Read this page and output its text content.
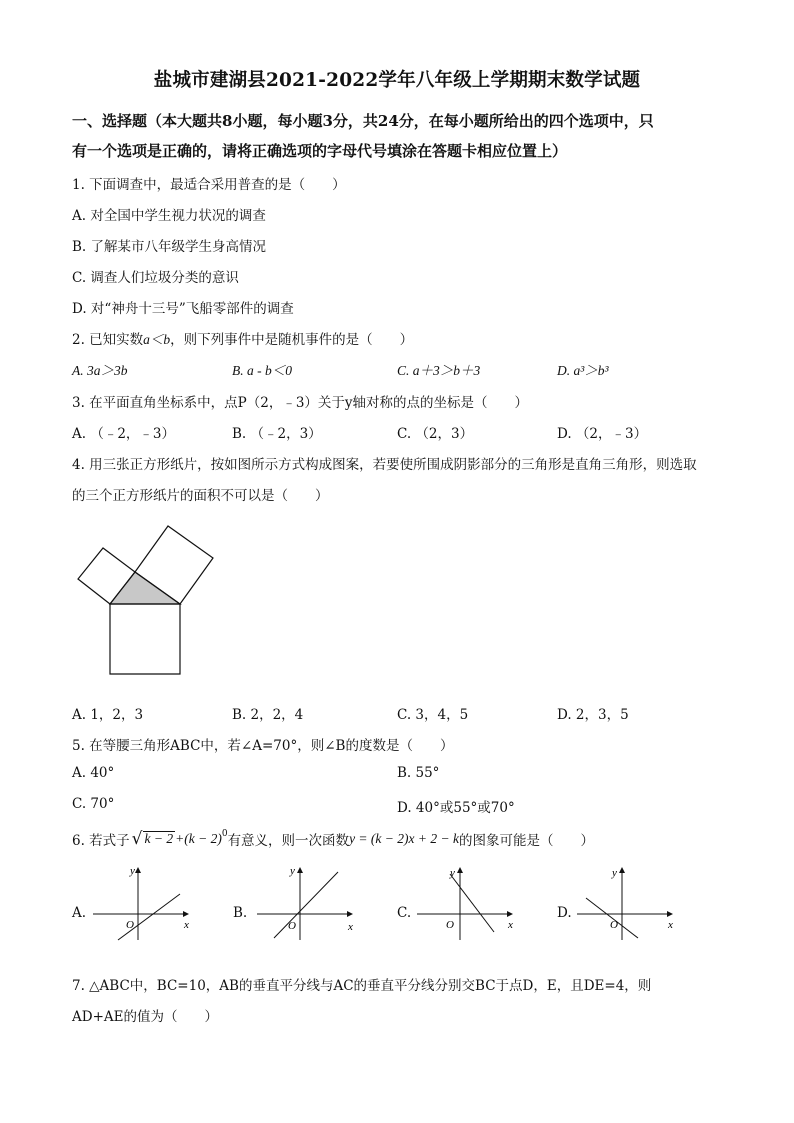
盐城市建湖县2021-2022学年八年级上学期期末数学试题
一、选择题（本大题共8小题，每小题3分，共24分，在每小题所给出的四个选项中，只
有一个选项是正确的，请将正确选项的字母代号填涂在答题卡相应位置上）
1. 下面调查中，最适合采用普查的是（　　）
A. 对全国中学生视力状况的调查
B. 了解某市八年级学生身高情况
C. 调查人们垃圾分类的意识
D. 对“神舟十三号”飞船零部件的调查
2. 已知实数a＜b，则下列事件中是随机事件的是（　　）
A. 3a＞3b	B. a - b＜0	C. a＋3＞b＋3	D. a³＞b³
3. 在平面直角坐标系中，点P（2，﹣3）关于y轴对称的点的坐标是（　　）
A. （﹣2，﹣3）	B. （﹣2，3）	C. （2，3）	D. （2，﹣3）
4. 用三张正方形纸片，按如图所示方式构成图案，若要使所围成阴影部分的三角形是直角三角形，则选取
的三个正方形纸片的面积不可以是（　　）
A. 1，2，3	B. 2，2，4	C. 3，4，5	D. 2，3，5
5. 在等腰三角形ABC中，若∠A=70°，则∠B的度数是（　　）
A. 40°	B. 55°
C. 70°	D. 40°或55°或70°
6. 若式子 √ $k - 2 +(k - 2)^0$ 有意义，则一次函数 y = (k − 2)x + 2 − k 的图象可能是（　　）
A.	B.	C.	D.
y
x
O
y
x
O
y
x
O
y
x
O
7. △ABC中，BC=10，AB的垂直平分线与AC的垂直平分线分别交BC于点D，E，且DE=4，则
AD+AE的值为（　　）
